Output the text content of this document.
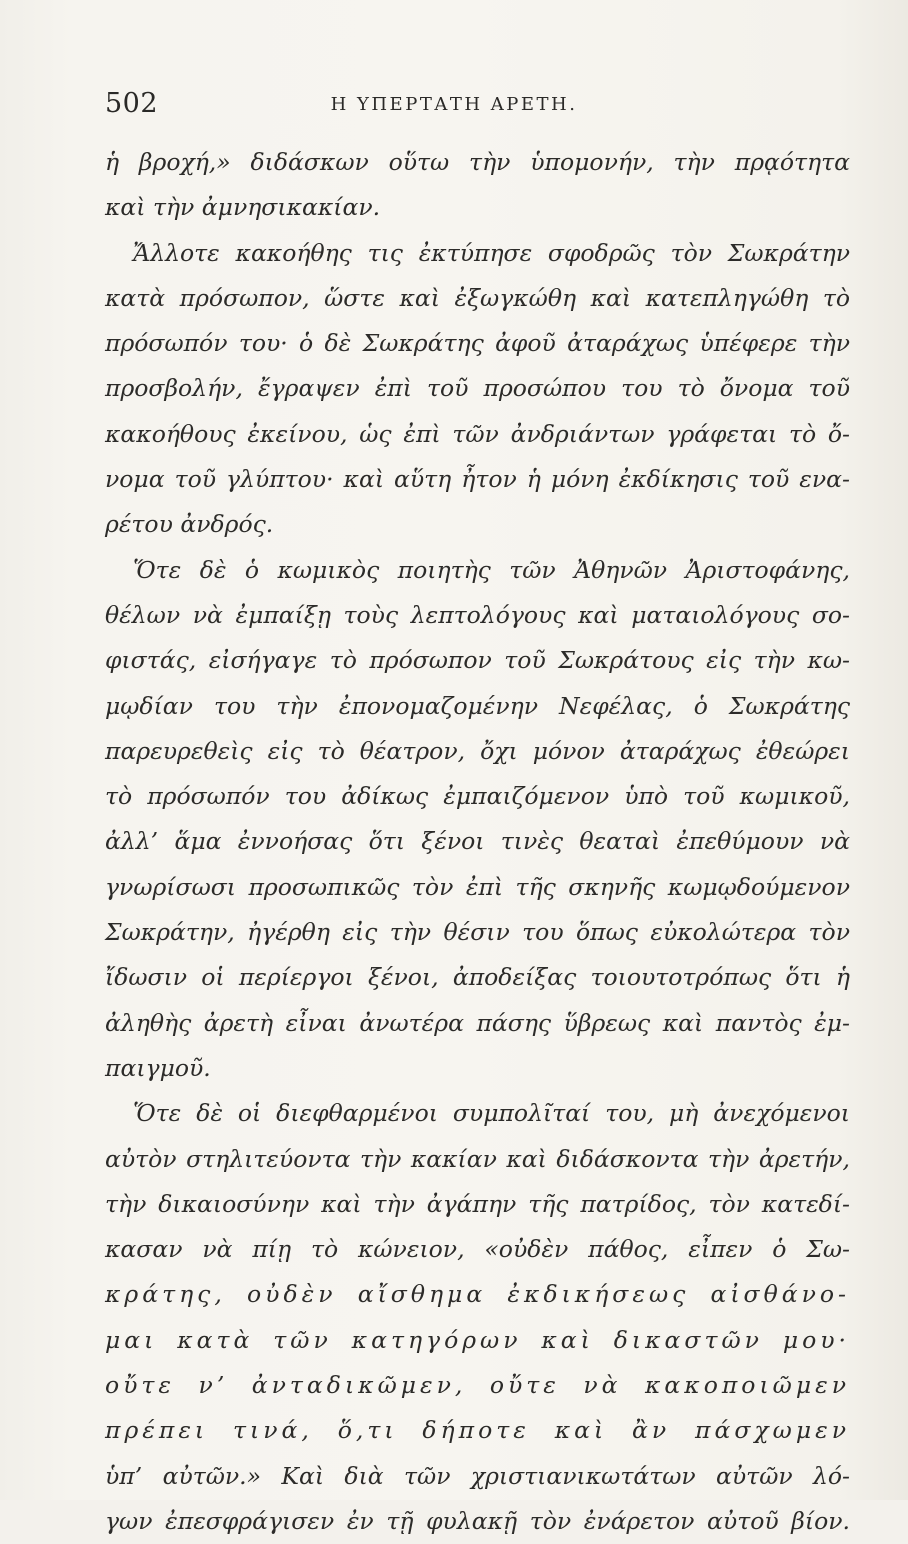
502	Η ΥΠΕΡΤΑΤΗ ΑΡΕΤΗ.
ἡ βροχή,» διδάσκων οὕτω τὴν ὑπομονήν, τὴν πρᾳότητα
καὶ τὴν ἀμνησικακίαν.
Ἄλλοτε κακοήθης τις ἐκτύπησε σφοδρῶς τὸν Σωκράτην
κατὰ πρόσωπον, ὥστε καὶ ἐξωγκώθη καὶ κατεπληγώθη τὸ
πρόσωπόν του· ὁ δὲ Σωκράτης ἀφοῦ ἀταράχως ὑπέφερε τὴν
προσβολήν, ἔγραψεν ἐπὶ τοῦ προσώπου του τὸ ὄνομα τοῦ
κακοήθους ἐκείνου, ὡς ἐπὶ τῶν ἀνδριάντων γράφεται τὸ ὄ-
νομα τοῦ γλύπτου· καὶ αὕτη ἦτον ἡ μόνη ἐκδίκησις τοῦ ενα-
ρέτου ἀνδρός.
Ὅτε δὲ ὁ κωμικὸς ποιητὴς τῶν Ἀθηνῶν Ἀριστοφάνης,
θέλων νὰ ἐμπαίξῃ τοὺς λεπτολόγους καὶ ματαιολόγους σο-
φιστάς, εἰσήγαγε τὸ πρόσωπον τοῦ Σωκράτους εἰς τὴν κω-
μῳδίαν του τὴν ἐπονομαζομένην Νεφέλας, ὁ Σωκράτης
παρευρεθεὶς εἰς τὸ θέατρον, ὄχι μόνον ἀταράχως ἐθεώρει
τὸ πρόσωπόν του ἀδίκως ἐμπαιζόμενον ὑπὸ τοῦ κωμικοῦ,
ἀλλ’ ἅμα ἐννοήσας ὅτι ξένοι τινὲς θεαταὶ ἐπεθύμουν νὰ
γνωρίσωσι προσωπικῶς τὸν ἐπὶ τῆς σκηνῆς κωμῳδούμενον
Σωκράτην, ἠγέρθη εἰς τὴν θέσιν του ὅπως εὐκολώτερα τὸν
ἴδωσιν οἱ περίεργοι ξένοι, ἀποδείξας τοιουτοτρόπως ὅτι ἡ
ἀληθὴς ἀρετὴ εἶναι ἀνωτέρα πάσης ὕβρεως καὶ παντὸς ἐμ-
παιγμοῦ.
Ὅτε δὲ οἱ διεφθαρμένοι συμπολῖταί του, μὴ ἀνεχόμενοι
αὐτὸν στηλιτεύοντα τὴν κακίαν καὶ διδάσκοντα τὴν ἀρετήν,
τὴν δικαιοσύνην καὶ τὴν ἀγάπην τῆς πατρίδος, τὸν κατεδί-
κασαν νὰ πίῃ τὸ κώνειον, «οὐδὲν πάθος, εἶπεν ὁ Σω-
κράτης, οὐδὲν αἴσθημα ἐκδικήσεως αἰσθάνο-
μαι κατὰ τῶν κατηγόρων καὶ δικαστῶν μου·
οὔτε ν’ ἀνταδικῶμεν, οὔτε νὰ κακοποιῶμεν
πρέπει τινά, ὅ,τι δήποτε καὶ ἂν πάσχωμεν
ὑπ’ αὐτῶν.» Καὶ διὰ τῶν χριστιανικωτάτων αὐτῶν λό-
γων ἐπεσφράγισεν ἐν τῇ φυλακῇ τὸν ἐνάρετον αὐτοῦ βίον.
